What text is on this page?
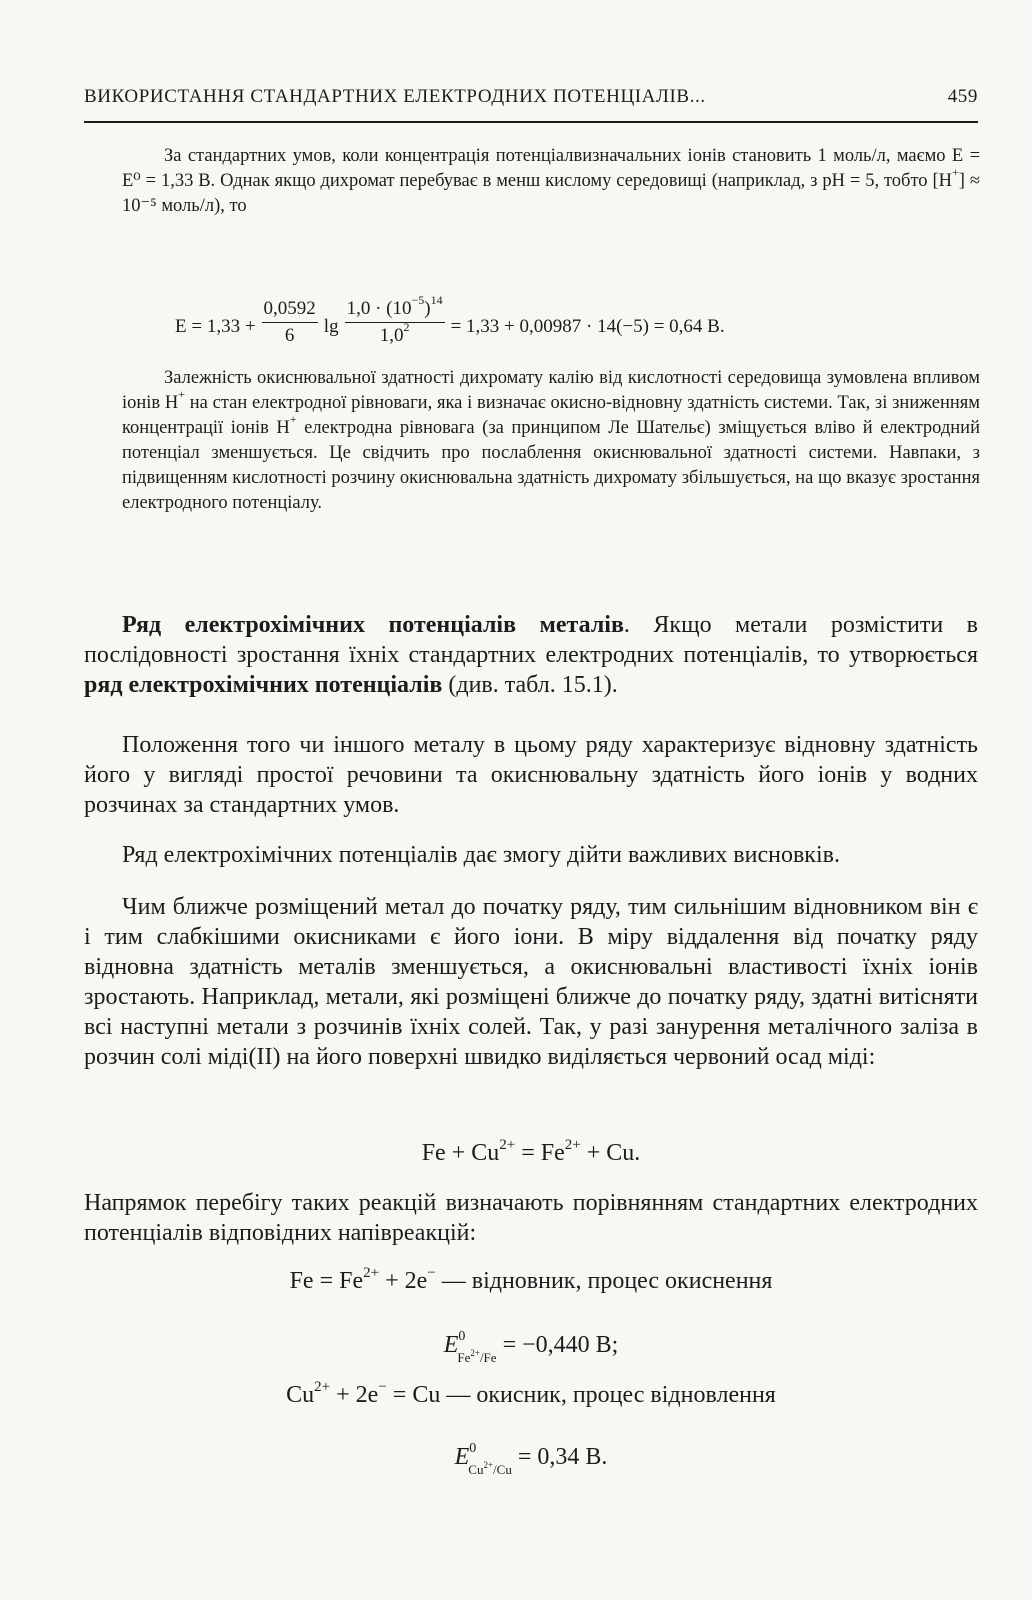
ВИКОРИСТАННЯ СТАНДАРТНИХ ЕЛЕКТРОДНИХ ПОТЕНЦІАЛІВ...	459

За стандартних умов, коли концентрація потенціалвизначальних іонів становить 1 моль/л, маємо E = E⁰ = 1,33 В. Однак якщо дихромат перебуває в менш кислому середовищі (наприклад, з pH = 5, тобто [H+] ≈ 10⁻⁵ моль/л), то

$E = 1,33 + \frac{0,0592}{6}$ $\lg \frac{1,0 \cdot (10^{-5})^{14}}{1,0^2} = 1,33 + 0,00987 \cdot 14(-5) = 0,64$ В.

Залежність окиснювальної здатності дихромату калію від кислотності середовища зумовлена впливом іонів H+ на стан електродної рівноваги, яка і визначає окисно-відновну здатність системи. Так, зі зниженням концентрації іонів H+ електродна рівновага (за принципом Ле Шательє) зміщується вліво й електродний потенціал зменшується. Це свідчить про послаблення окиснювальної здатності системи. Навпаки, з підвищенням кислотності розчину окиснювальна здатність дихромату збільшується, на що вказує зростання електродного потенціалу.

Ряд електрохімічних потенціалів металів. Якщо метали розмістити в послідовності зростання їхніх стандартних електродних потенціалів, то утворюється ряд електрохімічних потенціалів (див. табл. 15.1).

Положення того чи іншого металу в цьому ряду характеризує відновну здатність його у вигляді простої речовини та окиснювальну здатність його іонів у водних розчинах за стандартних умов.

Ряд електрохімічних потенціалів дає змогу дійти важливих висновків.

Чим ближче розміщений метал до початку ряду, тим сильнішим відновником він є і тим слабкішими окисниками є його іони. В міру віддалення від початку ряду відновна здатність металів зменшується, а окиснювальні властивості їхніх іонів зростають. Наприклад, метали, які розміщені ближче до початку ряду, здатні витісняти всі наступні метали з розчинів їхніх солей. Так, у разі занурення металічного заліза в розчин солі міді(II) на його поверхні швидко виділяється червоний осад міді:

$Fe + Cu^{2+} = Fe^{2+} + Cu$.

Напрямок перебігу таких реакцій визначають порівнянням стандартних електродних потенціалів відповідних напівреакцій:

$Fe = Fe^{2+} + 2e^-$ — відновник, процес окиснення
$E^0_{Fe^{2+}/Fe} = -0,440$ В;
$Cu^{2+} + 2e^- = Cu$ — окисник, процес відновлення
$E^0_{Cu^{2+}/Cu} = 0,34$ В.
